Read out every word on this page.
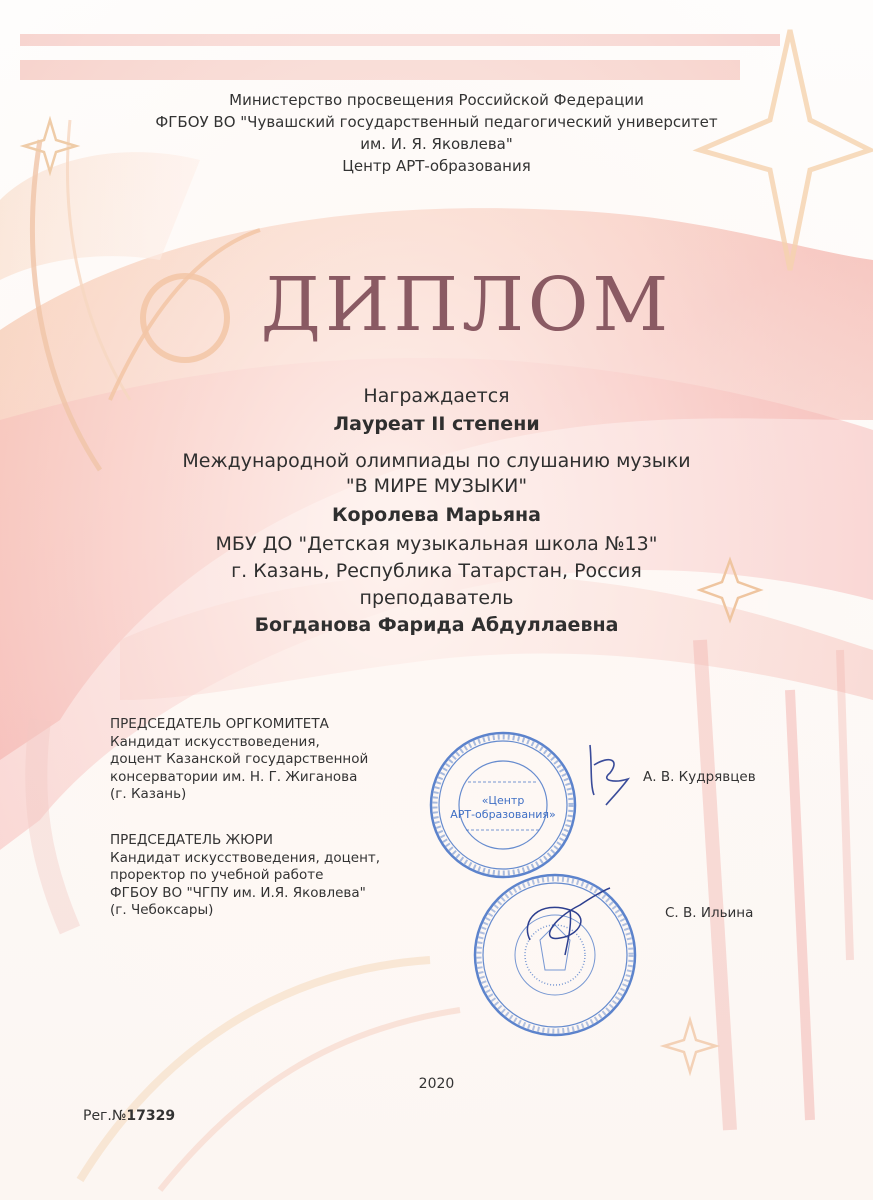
Министерство просвещения Российской Федерации
ФГБОУ ВО "Чувашский государственный педагогический университет
им. И. Я. Яковлева"
Центр АРТ-образования
ДИПЛОМ
Награждается
Лауреат II степени
Международной олимпиады по слушанию музыки
"В МИРЕ МУЗЫКИ"
Королева Марьяна
МБУ ДО "Детская музыкальная школа №13"
г. Казань, Республика Татарстан, Россия
преподаватель
Богданова Фарида Абдуллаевна
ПРЕДСЕДАТЕЛЬ ОРГКОМИТЕТА
Кандидат искусствоведения,
доцент Казанской государственной
консерватории им. Н. Г. Жиганова
(г. Казань)
А. В. Кудрявцев
ПРЕДСЕДАТЕЛЬ ЖЮРИ
Кандидат искусствоведения, доцент,
проректор по учебной работе
ФГБОУ ВО "ЧГПУ им. И.Я. Яковлева"
(г. Чебоксары)	С. В. Ильина
«Центр
АРТ-образования»
2020
Рег.№17329
